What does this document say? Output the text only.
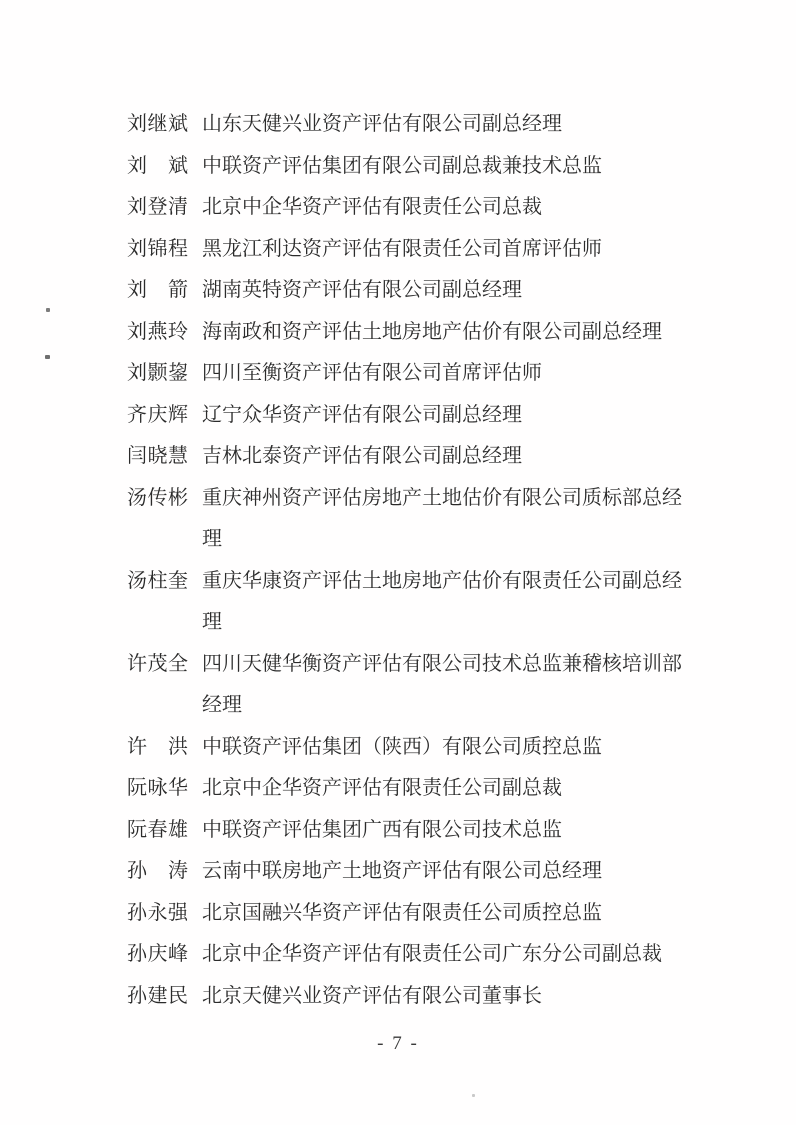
刘继斌 山东天健兴业资产评估有限公司副总经理
刘　斌 中联资产评估集团有限公司副总裁兼技术总监
刘登清 北京中企华资产评估有限责任公司总裁
刘锦程 黑龙江利达资产评估有限责任公司首席评估师
刘　箭 湖南英特资产评估有限公司副总经理
刘燕玲 海南政和资产评估土地房地产估价有限公司副总经理
刘颢鋆 四川至衡资产评估有限公司首席评估师
齐庆辉 辽宁众华资产评估有限公司副总经理
闫晓慧 吉林北泰资产评估有限公司副总经理
汤传彬 重庆神州资产评估房地产土地估价有限公司质标部总经理
汤柱奎 重庆华康资产评估土地房地产估价有限责任公司副总经理
许茂全 四川天健华衡资产评估有限公司技术总监兼稽核培训部经理
许　洪 中联资产评估集团（陕西）有限公司质控总监
阮咏华 北京中企华资产评估有限责任公司副总裁
阮春雄 中联资产评估集团广西有限公司技术总监
孙　涛 云南中联房地产土地资产评估有限公司总经理
孙永强 北京国融兴华资产评估有限责任公司质控总监
孙庆峰 北京中企华资产评估有限责任公司广东分公司副总裁
孙建民 北京天健兴业资产评估有限公司董事长
- 7 -
